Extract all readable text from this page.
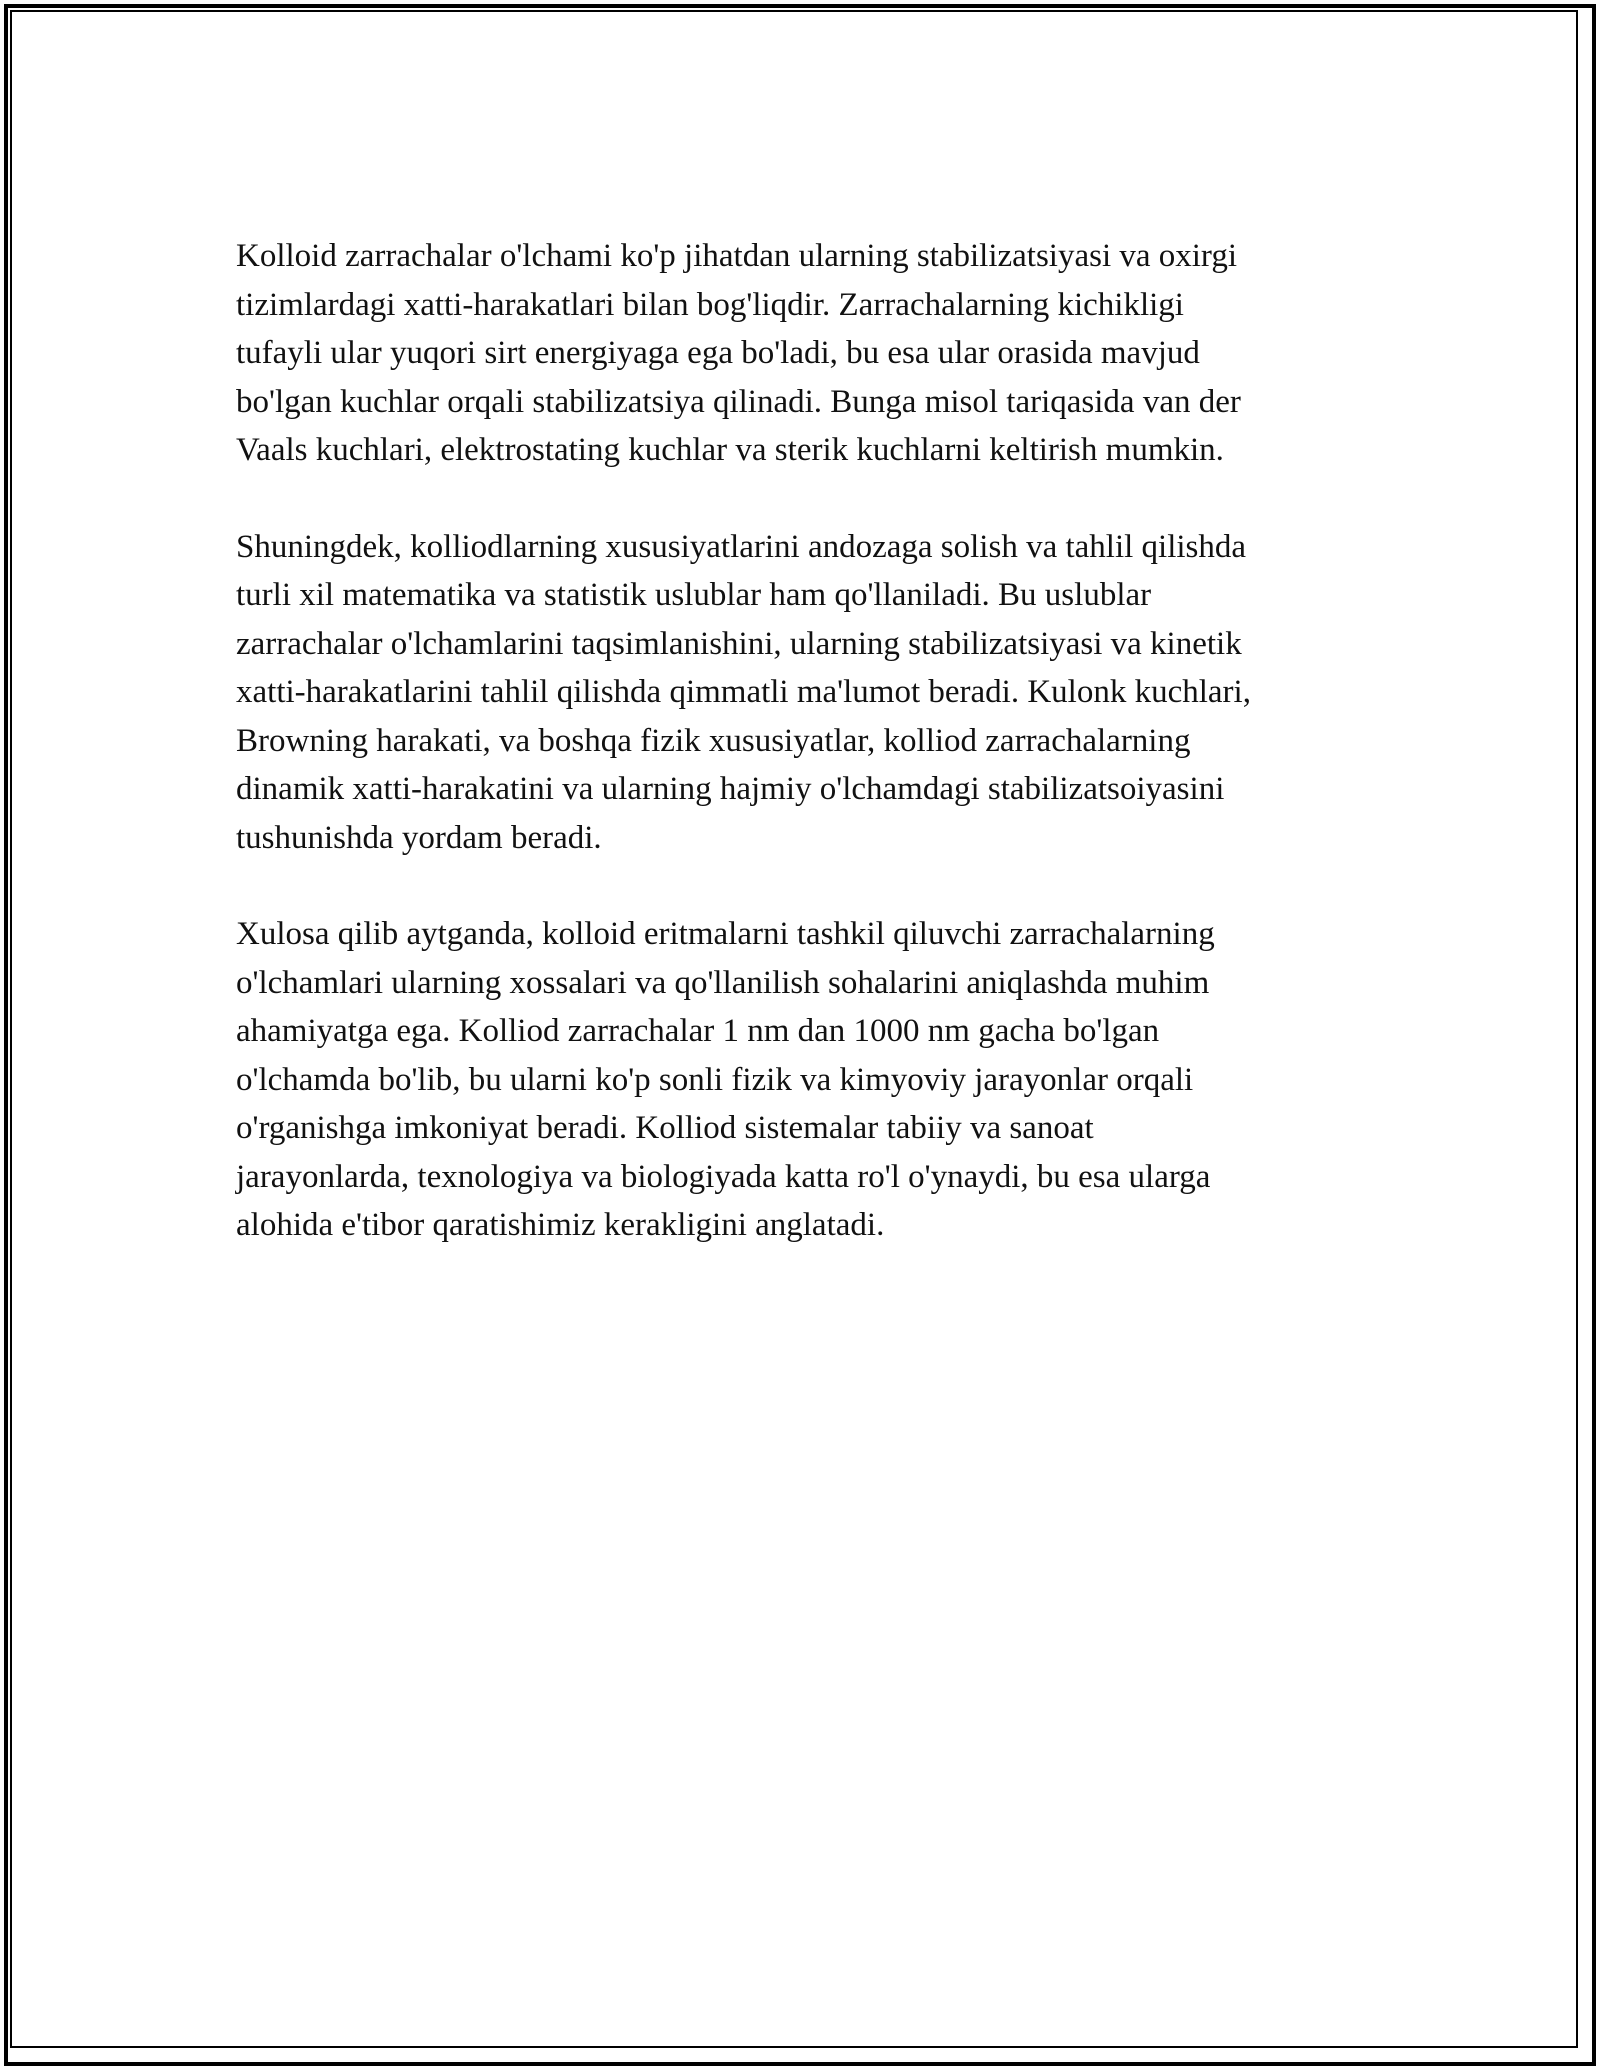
Kolloid zarrachalar o'lchami ko'p jihatdan ularning stabilizatsiyasi va oxirgi
tizimlardagi xatti-harakatlari bilan bog'liqdir. Zarrachalarning kichikligi
tufayli ular yuqori sirt energiyaga ega bo'ladi, bu esa ular orasida mavjud
bo'lgan kuchlar orqali stabilizatsiya qilinadi. Bunga misol tariqasida van der
Vaals kuchlari, elektrostating kuchlar va sterik kuchlarni keltirish mumkin.

Shuningdek, kolliodlarning xususiyatlarini andozaga solish va tahlil qilishda
turli xil matematika va statistik uslublar ham qo'llaniladi. Bu uslublar
zarrachalar o'lchamlarini taqsimlanishini, ularning stabilizatsiyasi va kinetik
xatti-harakatlarini tahlil qilishda qimmatli ma'lumot beradi. Kulonk kuchlari,
Browning harakati, va boshqa fizik xususiyatlar, kolliod zarrachalarning
dinamik xatti-harakatini va ularning hajmiy o'lchamdagi stabilizatsoiyasini
tushunishda yordam beradi.

Xulosa qilib aytganda, kolloid eritmalarni tashkil qiluvchi zarrachalarning
o'lchamlari ularning xossalari va qo'llanilish sohalarini aniqlashda muhim
ahamiyatga ega. Kolliod zarrachalar 1 nm dan 1000 nm gacha bo'lgan
o'lchamda bo'lib, bu ularni ko'p sonli fizik va kimyoviy jarayonlar orqali
o'rganishga imkoniyat beradi. Kolliod sistemalar tabiiy va sanoat
jarayonlarda, texnologiya va biologiyada katta ro'l o'ynaydi, bu esa ularga
alohida e'tibor qaratishimiz kerakligini anglatadi.
